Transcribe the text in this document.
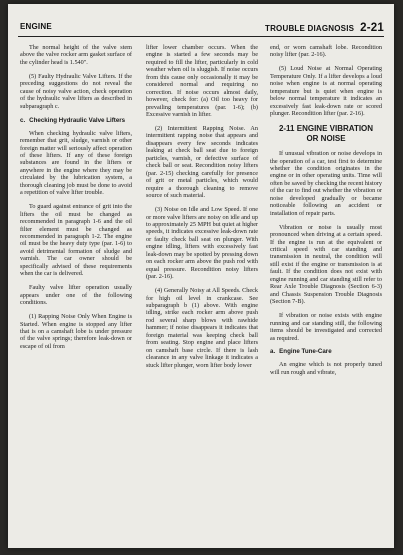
ENGINE	TROUBLE DIAGNOSIS 2-21

The normal height of the valve stem above the valve rocker arm gasket surface of the cylinder head is 1.540".

(5) Faulty Hydraulic Valve Lifters. If the preceding suggestions do not reveal the cause of noisy valve action, check operation of the hydraulic valve lifters as described in subparagraph c.

c. Checking Hydraulic Valve Lifters

When checking hydraulic valve lifters, remember that grit, sludge, varnish or other foreign matter will seriously affect operation of these lifters. If any of these foreign substances are found in the lifters or anywhere in the engine where they may be circulated by the lubrication system, a thorough cleaning job must be done to avoid a repetition of valve lifter trouble.

To guard against entrance of grit into the lifters the oil must be changed as recommended in paragraph 1-6 and the oil filter element must be changed as recommended in paragraph 1-2. The engine oil must be the heavy duty type (par. 1-6) to avoid detrimental formation of sludge and varnish. The car owner should be specifically advised of these requirements when the car is delivered.

Faulty valve lifter operation usually appears under one of the following conditions.

(1) Rapping Noise Only When Engine is Started. When engine is stopped any lifter that is on a camshaft lobe is under pressure of the valve springs; therefore leak-down or escape of oil from

lifter lower chamber occurs. When the engine is started a few seconds may be required to fill the lifter, particularly in cold weather when oil is sluggish. If noise occurs from this cause only occasionally it may be considered normal and requiring no correction. If noise occurs almost daily, however, check for: (a) Oil too heavy for prevailing temperatures (par. 1-6); (b) Excessive varnish in lifter.

(2) Intermittent Rapping Noise. An intermittent rapping noise that appears and disappears every few seconds indicates leaking at check ball seat due to foreign particles, varnish, or defective surface of check ball or seat. Recondition noisy lifters (par. 2-15) checking carefully for presence of grit or metal particles, which would require a thorough cleaning to remove source of such material.

(3) Noise on Idle and Low Speed. If one or more valve lifters are noisy on idle and up to approximately 25 MPH but quiet at higher speeds, it indicates excessive leak-down rate or faulty check ball seat on plunger. With engine idling, lifters with excessively fast leak-down may be spotted by pressing down on each rocker arm above the push rod with equal pressure. Recondition noisy lifters (par. 2-16).

(4) Generally Noisy at All Speeds. Check for high oil level in crankcase. See subparagraph b (1) above. With engine idling, strike each rocker arm above push rod several sharp blows with rawhide hammer; if noise disappears it indicates that foreign material was keeping check ball from seating. Stop engine and place lifters on camshaft base circle. If there is lash clearance in any valve linkage it indicates a stuck lifter plunger, worn lifter body lower

end, or worn camshaft lobe. Recondition noisy lifter (par. 2-16).

(5) Loud Noise at Normal Operating Temperature Only. If a lifter develops a loud noise when engine is at normal operating temperature but is quiet when engine is below normal temperature it indicates an excessively fast leak-down rate or scored plunger. Recondition lifter (par. 2-16).

2-11 ENGINE VIBRATION
OR NOISE

If unusual vibration or noise develops in the operation of a car, test first to determine whether the condition originates in the engine or in other operating units. Time will often be saved by checking the recent history of the car to find out whether the vibration or noise developed gradually or became noticeable following an accident or installation of repair parts.

Vibration or noise is usually most pronounced when driving at a certain speed. If the engine is run at the equivalent or critical speed with car standing and transmission in neutral, the condition will still exist if the engine or transmission is at fault. If the condition does not exist with engine running and car standing still refer to Rear Axle Trouble Diagnosis (Section 6-3) and Chassis Suspension Trouble Diagnosis (Section 7-B).

If vibration or noise exists with engine running and car standing still, the following items should be investigated and corrected as required.

a. Engine Tune-Care

An engine which is not properly tuned will run rough and vibrate,
